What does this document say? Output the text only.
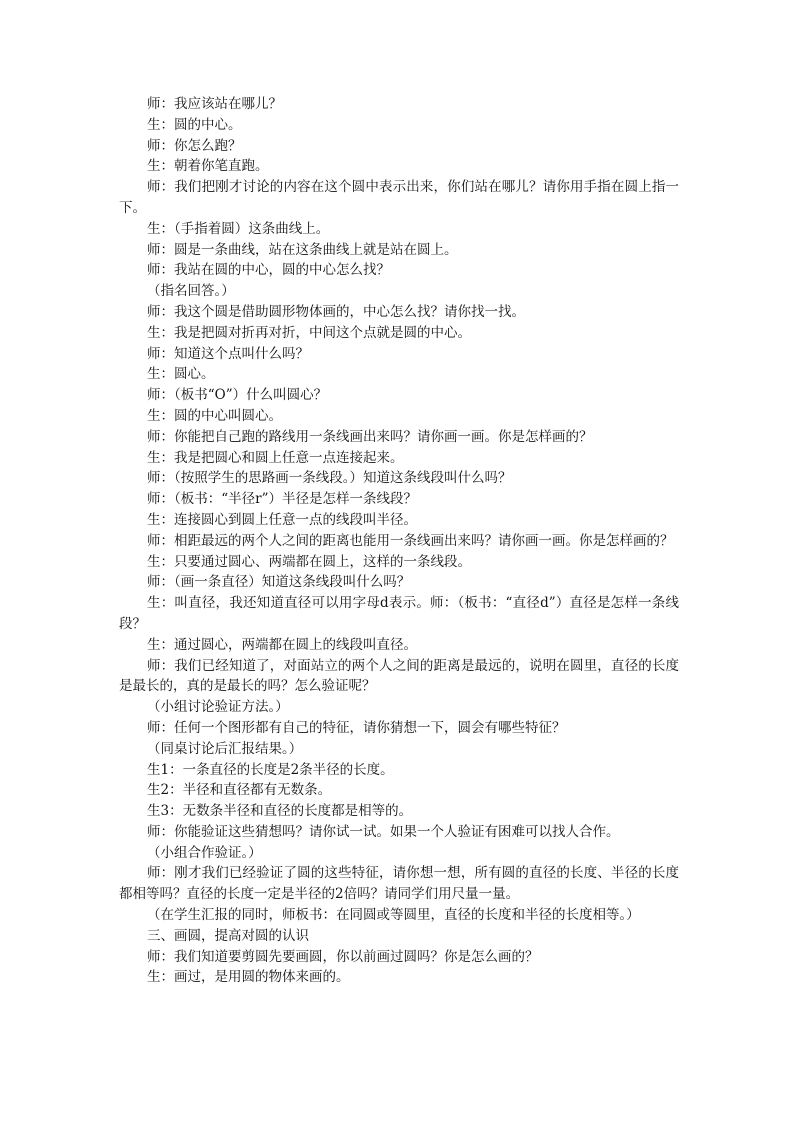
师：我应该站在哪儿？

生：圆的中心。

师：你怎么跑？

生：朝着你笔直跑。

师：我们把刚才讨论的内容在这个圆中表示出来，你们站在哪儿？请你用手指在圆上指一下。

生：（手指着圆）这条曲线上。

师：圆是一条曲线，站在这条曲线上就是站在圆上。

师：我站在圆的中心，圆的中心怎么找？

（指名回答。）

师：我这个圆是借助圆形物体画的，中心怎么找？请你找一找。

生：我是把圆对折再对折，中间这个点就是圆的中心。

师：知道这个点叫什么吗？

生：圆心。

师：（板书“O”）什么叫圆心？

生：圆的中心叫圆心。

师：你能把自己跑的路线用一条线画出来吗？请你画一画。你是怎样画的？

生：我是把圆心和圆上任意一点连接起来。

师：（按照学生的思路画一条线段。）知道这条线段叫什么吗？

师：（板书：“半径r”）半径是怎样一条线段？

生：连接圆心到圆上任意一点的线段叫半径。

师：相距最远的两个人之间的距离也能用一条线画出来吗？请你画一画。你是怎样画的？

生：只要通过圆心、两端都在圆上，这样的一条线段。

师：（画一条直径）知道这条线段叫什么吗？

生：叫直径，我还知道直径可以用字母d表示。师：（板书：“直径d”）直径是怎样一条线段？

生：通过圆心，两端都在圆上的线段叫直径。

师：我们已经知道了，对面站立的两个人之间的距离是最远的，说明在圆里，直径的长度是最长的，真的是最长的吗？怎么验证呢？

（小组讨论验证方法。）

师：任何一个图形都有自己的特征，请你猜想一下，圆会有哪些特征？

（同桌讨论后汇报结果。）

生1：一条直径的长度是2条半径的长度。

生2：半径和直径都有无数条。

生3：无数条半径和直径的长度都是相等的。

师：你能验证这些猜想吗？请你试一试。如果一个人验证有困难可以找人合作。

（小组合作验证。）

师：刚才我们已经验证了圆的这些特征，请你想一想，所有圆的直径的长度、半径的长度都相等吗？直径的长度一定是半径的2倍吗？请同学们用尺量一量。

（在学生汇报的同时，师板书：在同圆或等圆里，直径的长度和半径的长度相等。）

三、画圆，提高对圆的认识

师：我们知道要剪圆先要画圆，你以前画过圆吗？你是怎么画的？

生：画过，是用圆的物体来画的。
